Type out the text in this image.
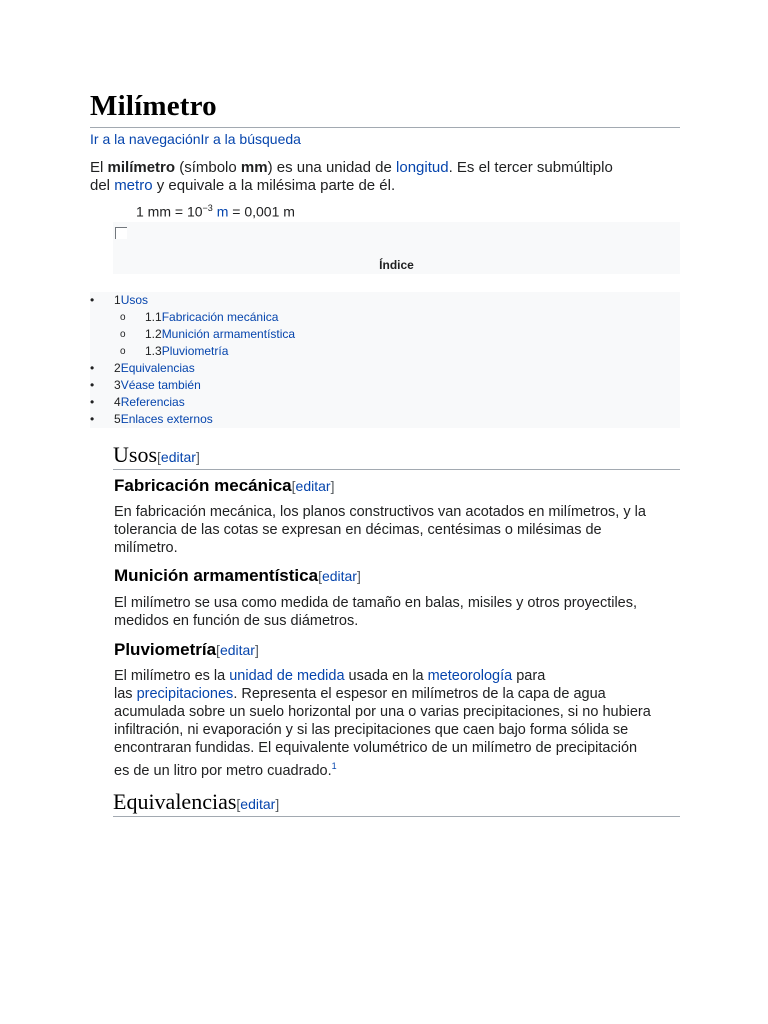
Milímetro
Ir a la navegaciónIr a la búsqueda
El milímetro (símbolo mm) es una unidad de longitud. Es el tercer submúltiplo
del metro y equivale a la milésima parte de él.
1 mm = $10^{-3}$ m = 0,001 m
Índice
•	1Usos
o	1.1Fabricación mecánica
o	1.2Munición armamentística
o	1.3Pluviometría
•	2Equivalencias
•	3Véase también
•	4Referencias
•	5Enlaces externos
Usos[editar]
Fabricación mecánica[editar]
En fabricación mecánica, los planos constructivos van acotados en milímetros, y la
tolerancia de las cotas se expresan en décimas, centésimas o milésimas de
milímetro.
Munición armamentística[editar]
El milímetro se usa como medida de tamaño en balas, misiles y otros proyectiles,
medidos en función de sus diámetros.
Pluviometría[editar]
El milímetro es la unidad de medida usada en la meteorología para
las precipitaciones. Representa el espesor en milímetros de la capa de agua
acumulada sobre un suelo horizontal por una o varias precipitaciones, si no hubiera
infiltración, ni evaporación y si las precipitaciones que caen bajo forma sólida se
encontraran fundidas. El equivalente volumétrico de un milímetro de precipitación
es de un litro por metro cuadrado.$^1$
Equivalencias[editar]
